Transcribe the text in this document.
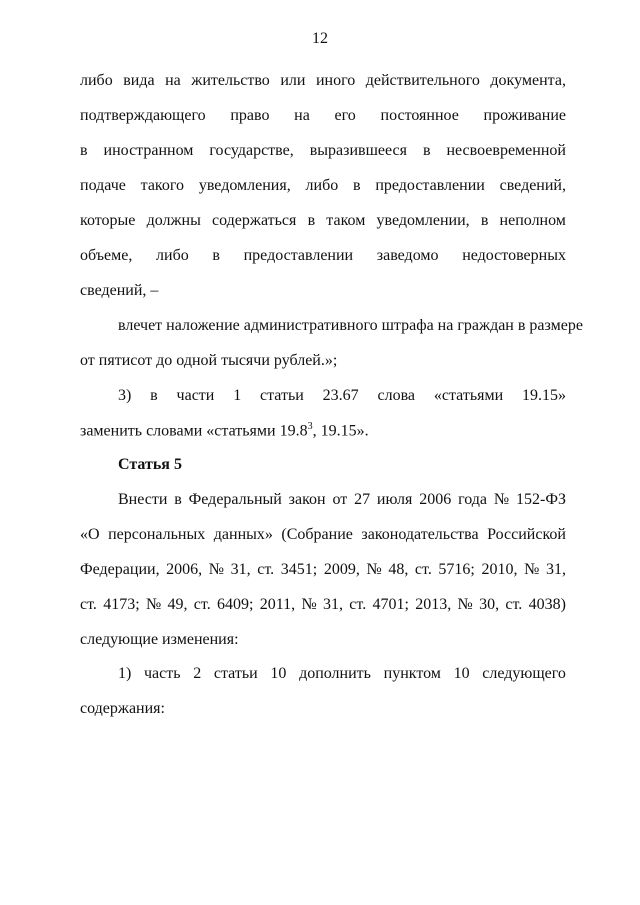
12
либо вида на жительство или иного действительного документа,
подтверждающего право на его постоянное проживание
в иностранном государстве, выразившееся в несвоевременной
подаче такого уведомления, либо в предоставлении сведений,
которые должны содержаться в таком уведомлении, в неполном
объеме, либо в предоставлении заведомо недостоверных
сведений, –
влечет наложение административного штрафа на граждан в размере
от пятисот до одной тысячи рублей.»;
3) в части 1 статьи 23.67 слова «статьями 19.15»
заменить словами «статьями 19.8$^3$, 19.15».
Статья 5
Внести в Федеральный закон от 27 июля 2006 года № 152-ФЗ
«О персональных данных» (Собрание законодательства Российской
Федерации, 2006, № 31, ст. 3451; 2009, № 48, ст. 5716; 2010, № 31,
ст. 4173; № 49, ст. 6409; 2011, № 31, ст. 4701; 2013, № 30, ст. 4038)
следующие изменения:
1) часть 2 статьи 10 дополнить пунктом 10 следующего
содержания:
